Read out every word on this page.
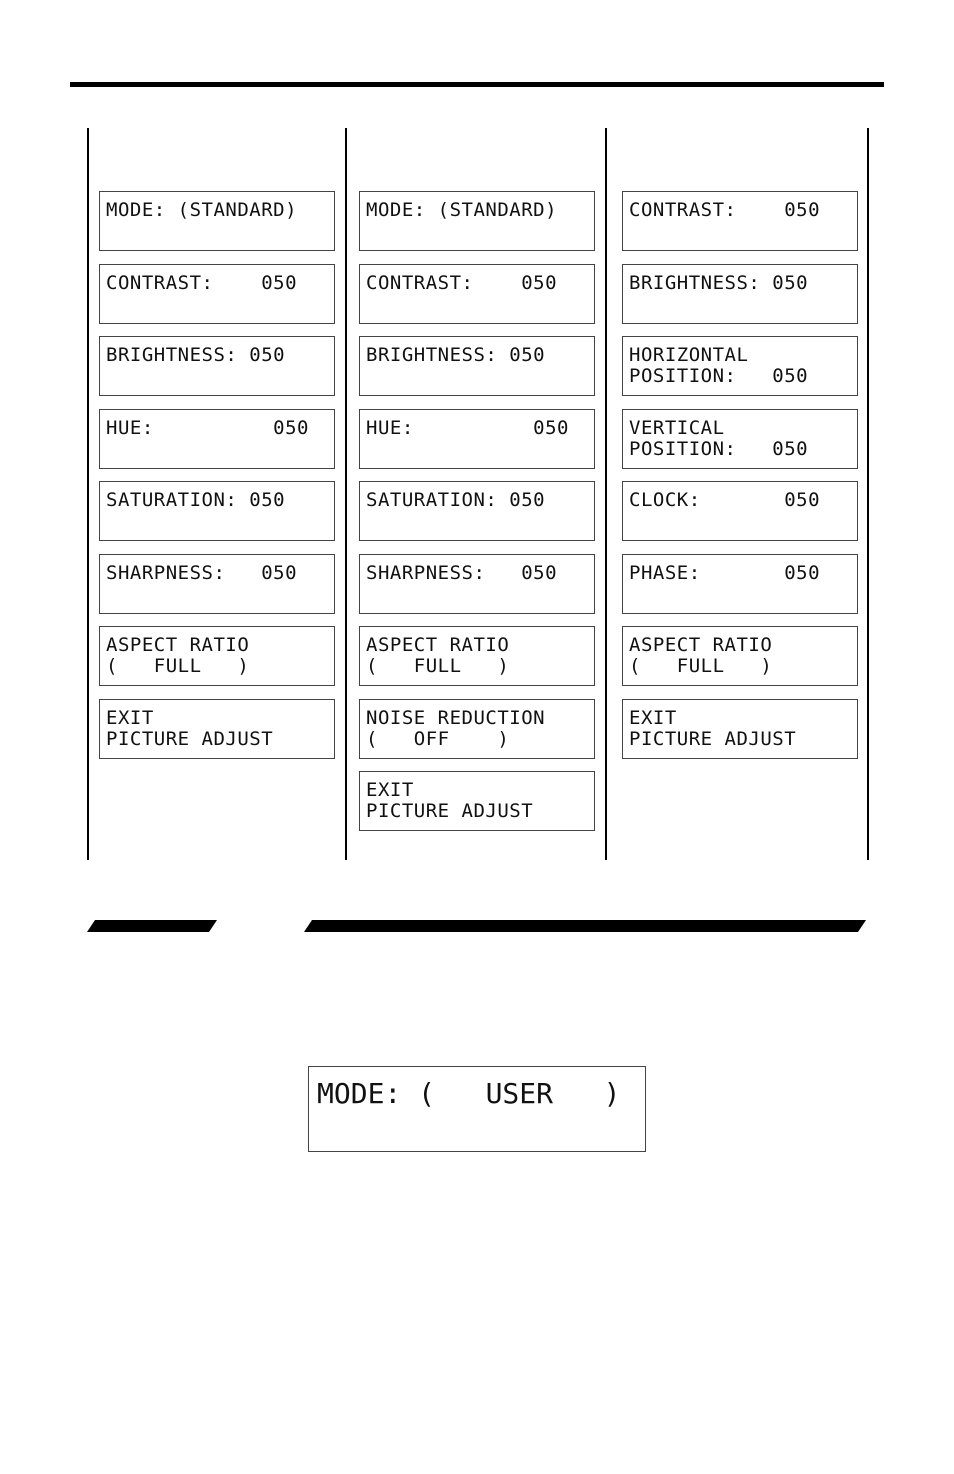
MODE: (STANDARD)
CONTRAST:    050
BRIGHTNESS: 050
HUE:          050
SATURATION: 050
SHARPNESS:   050
ASPECT RATIO
(   FULL   )
EXIT
PICTURE ADJUST
MODE: (STANDARD)
CONTRAST:    050
BRIGHTNESS: 050
HUE:          050
SATURATION: 050
SHARPNESS:   050
ASPECT RATIO
(   FULL   )
NOISE REDUCTION
(   OFF    )
EXIT
PICTURE ADJUST
CONTRAST:    050
BRIGHTNESS: 050
HORIZONTAL
POSITION:   050
VERTICAL
POSITION:   050
CLOCK:       050
PHASE:       050
ASPECT RATIO
(   FULL   )
EXIT
PICTURE ADJUST
MODE: (   USER   )
